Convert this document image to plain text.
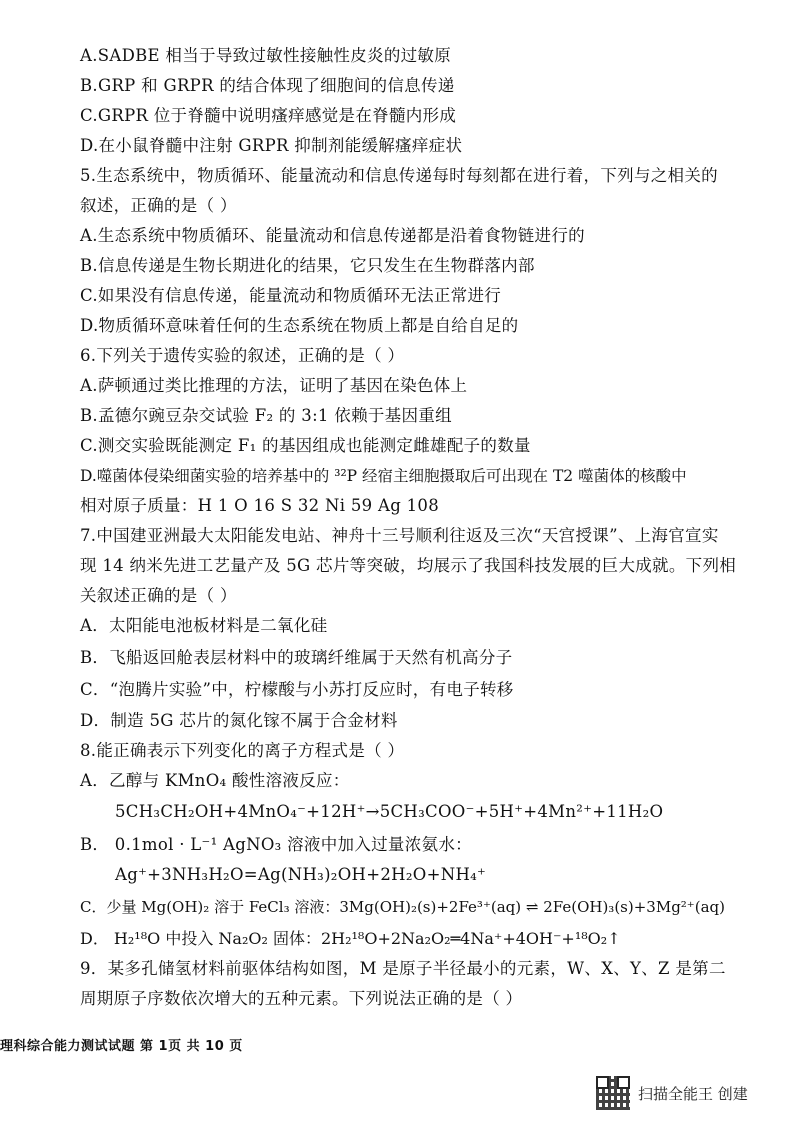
A.SADBE 相当于导致过敏性接触性皮炎的过敏原
B.GRP 和 GRPR 的结合体现了细胞间的信息传递
C.GRPR 位于脊髓中说明瘙痒感觉是在脊髓内形成
D.在小鼠脊髓中注射 GRPR 抑制剂能缓解瘙痒症状
5.生态系统中，物质循环、能量流动和信息传递每时每刻都在进行着，下列与之相关的
叙述，正确的是（ ）
A.生态系统中物质循环、能量流动和信息传递都是沿着食物链进行的
B.信息传递是生物长期进化的结果，它只发生在生物群落内部
C.如果没有信息传递，能量流动和物质循环无法正常进行
D.物质循环意味着任何的生态系统在物质上都是自给自足的
6.下列关于遗传实验的叙述，正确的是（ ）
A.萨顿通过类比推理的方法，证明了基因在染色体上
B.孟德尔豌豆杂交试验 F₂ 的 3:1 依赖于基因重组
C.测交实验既能测定 F₁ 的基因组成也能测定雌雄配子的数量
D.噬菌体侵染细菌实验的培养基中的 ³²P 经宿主细胞摄取后可出现在 T2 噬菌体的核酸中
相对原子质量：H 1 O 16 S 32 Ni 59 Ag 108
7.中国建亚洲最大太阳能发电站、神舟十三号顺利往返及三次“天宫授课”、上海官宣实
现 14 纳米先进工艺量产及 5G 芯片等突破，均展示了我国科技发展的巨大成就。下列相
关叙述正确的是（ ）
A．太阳能电池板材料是二氧化硅
B．飞船返回舱表层材料中的玻璃纤维属于天然有机高分子
C．“泡腾片实验”中，柠檬酸与小苏打反应时，有电子转移
D．制造 5G 芯片的氮化镓不属于合金材料
8.能正确表示下列变化的离子方程式是（ ）
A．乙醇与 KMnO₄ 酸性溶液反应：
5CH₃CH₂OH+4MnO₄⁻+12H⁺→5CH₃COO⁻+5H⁺+4Mn²⁺+11H₂O
B． 0.1mol · L⁻¹ AgNO₃ 溶液中加入过量浓氨水：
Ag⁺+3NH₃H₂O=Ag(NH₃)₂OH+2H₂O+NH₄⁺
C．少量 Mg(OH)₂ 溶于 FeCl₃ 溶液：3Mg(OH)₂(s)+2Fe³⁺(aq) ⇌ 2Fe(OH)₃(s)+3Mg²⁺(aq)
D． H₂¹⁸O 中投入 Na₂O₂ 固体：2H₂¹⁸O+2Na₂O₂═4Na⁺+4OH⁻+¹⁸O₂↑
9．某多孔储氢材料前驱体结构如图，M 是原子半径最小的元素，W、X、Y、Z 是第二
周期原子序数依次增大的五种元素。下列说法正确的是（ ）
理科综合能力测试试题 第 1页 共 10 页
扫描全能王 创建
